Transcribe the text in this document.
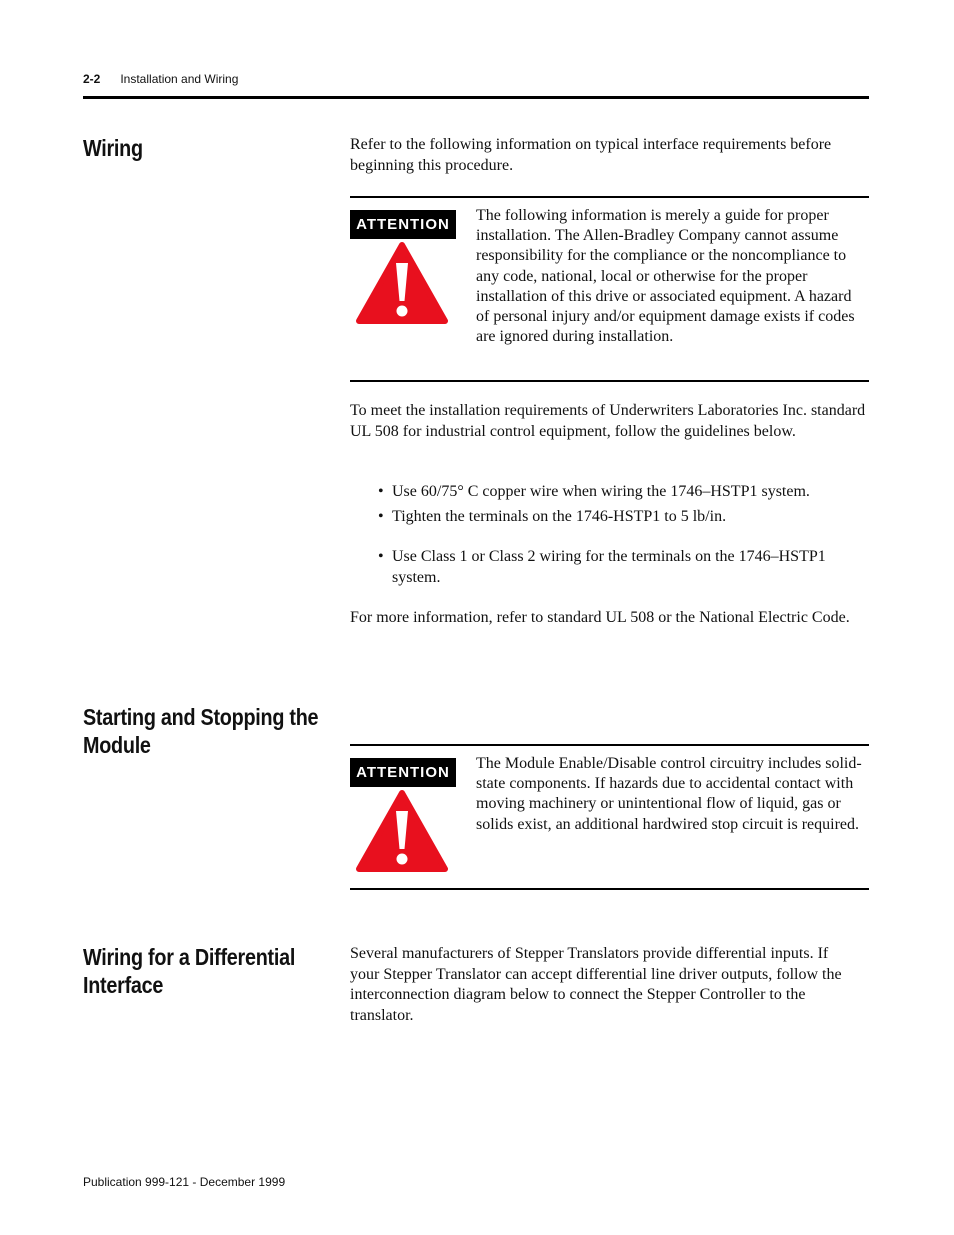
2-2 Installation and Wiring
Wiring	Refer to the following information on typical interface requirements before beginning this procedure.
ATTENTION
The following information is merely a guide for proper installation. The Allen-Bradley Company cannot assume responsibility for the compliance or the noncompliance to any code, national, local or otherwise for the proper installation of this drive or associated equipment. A hazard of personal injury and/or equipment damage exists if codes are ignored during installation.
To meet the installation requirements of Underwriters Laboratories Inc. standard UL 508 for industrial control equipment, follow the guidelines below.
• Use 60/75° C copper wire when wiring the 1746–HSTP1 system.
• Tighten the terminals on the 1746-HSTP1 to 5 lb/in.
• Use Class 1 or Class 2 wiring for the terminals on the 1746–HSTP1 system.
For more information, refer to standard UL 508 or the National Electric Code.
Starting and Stopping the Module
ATTENTION
The Module Enable/Disable control circuitry includes solid-state components. If hazards due to accidental contact with moving machinery or unintentional flow of liquid, gas or solids exist, an additional hardwired stop circuit is required.
Wiring for a Differential Interface
Several manufacturers of Stepper Translators provide differential inputs. If your Stepper Translator can accept differential line driver outputs, follow the interconnection diagram below to connect the Stepper Controller to the translator.
Publication 999-121 - December 1999
